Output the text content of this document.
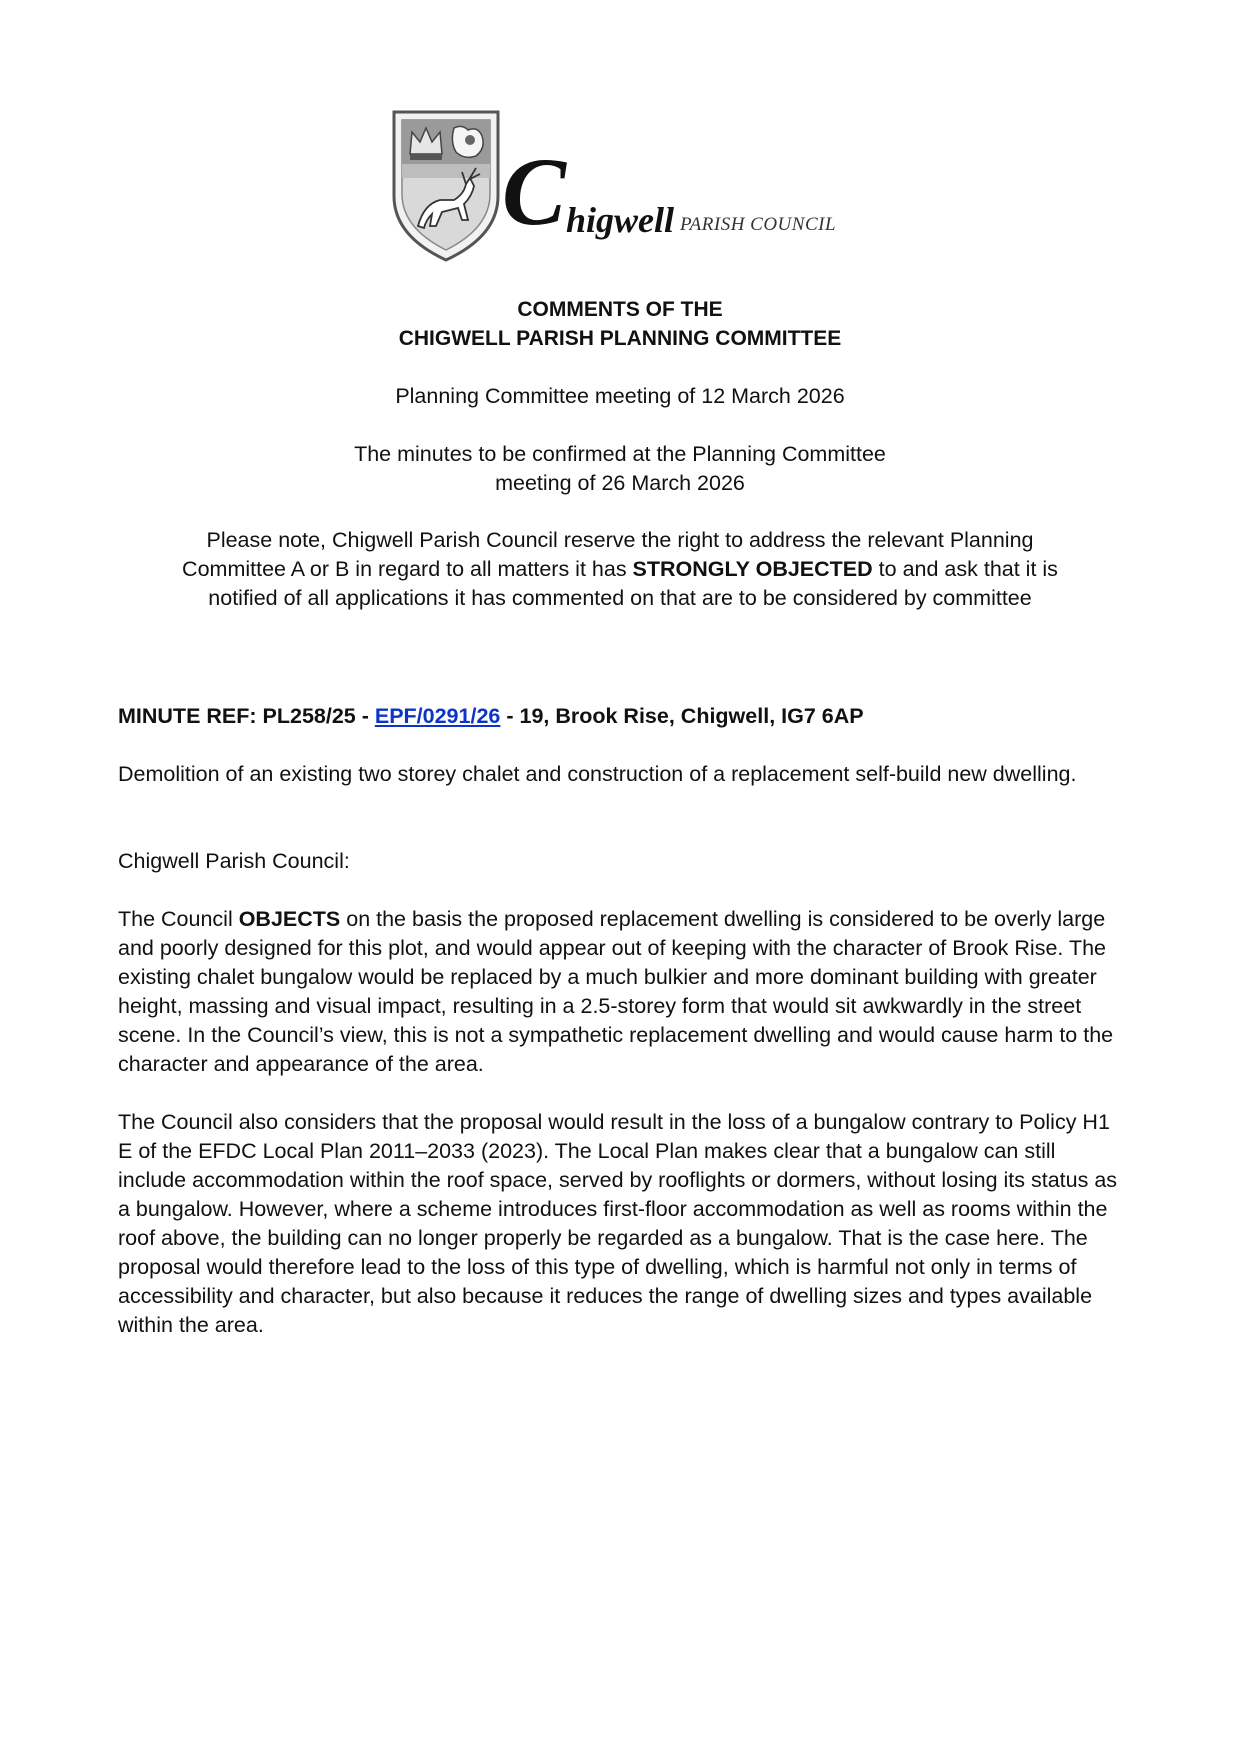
C higwell PARISH COUNCIL
COMMENTS OF THE
CHIGWELL PARISH PLANNING COMMITTEE
Planning Committee meeting of 12 March 2026
The minutes to be confirmed at the Planning Committee
meeting of 26 March 2026
Please note, Chigwell Parish Council reserve the right to address the relevant Planning Committee A or B in regard to all matters it has STRONGLY OBJECTED to and ask that it is notified of all applications it has commented on that are to be considered by committee
MINUTE REF: PL258/25 - EPF/0291/26 - 19, Brook Rise, Chigwell, IG7 6AP

Demolition of an existing two storey chalet and construction of a replacement self-build new dwelling.

Chigwell Parish Council:

The Council OBJECTS on the basis the proposed replacement dwelling is considered to be overly large and poorly designed for this plot, and would appear out of keeping with the character of Brook Rise. The existing chalet bungalow would be replaced by a much bulkier and more dominant building with greater height, massing and visual impact, resulting in a 2.5-storey form that would sit awkwardly in the street scene. In the Council’s view, this is not a sympathetic replacement dwelling and would cause harm to the character and appearance of the area.

The Council also considers that the proposal would result in the loss of a bungalow contrary to Policy H1 E of the EFDC Local Plan 2011–2033 (2023). The Local Plan makes clear that a bungalow can still include accommodation within the roof space, served by rooflights or dormers, without losing its status as a bungalow. However, where a scheme introduces first-floor accommodation as well as rooms within the roof above, the building can no longer properly be regarded as a bungalow. That is the case here. The proposal would therefore lead to the loss of this type of dwelling, which is harmful not only in terms of accessibility and character, but also because it reduces the range of dwelling sizes and types available within the area.
